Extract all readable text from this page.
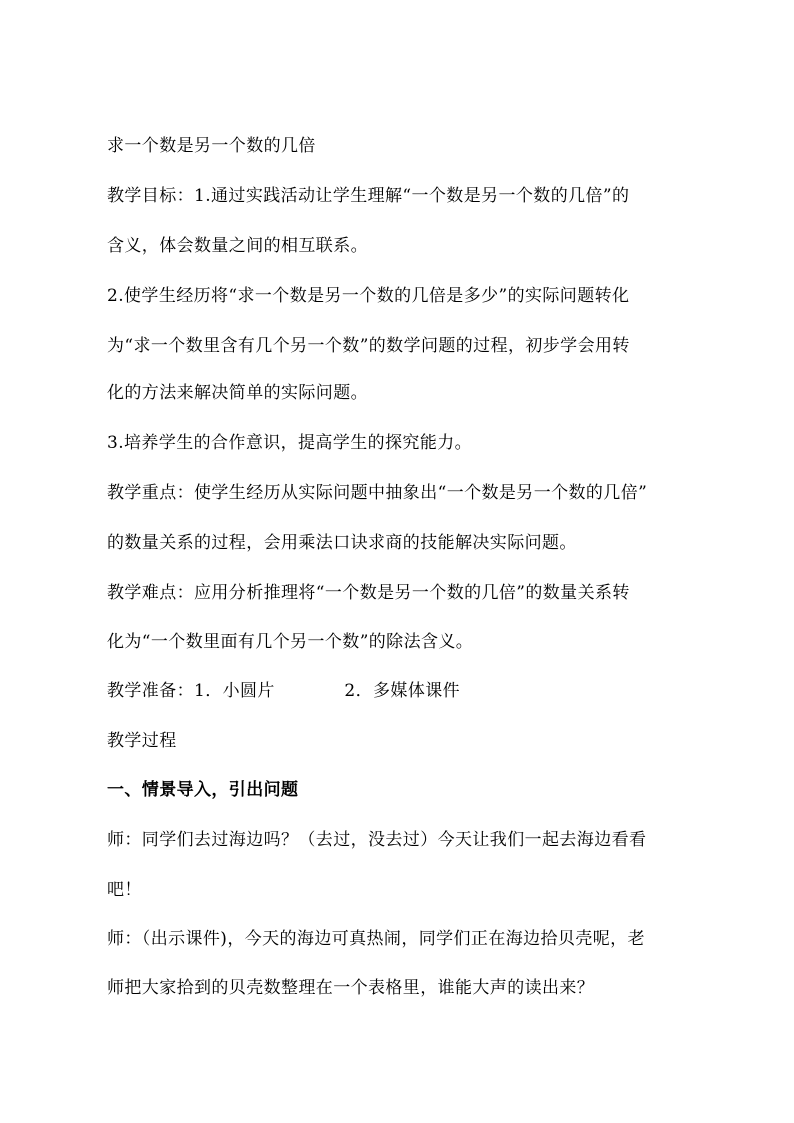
求一个数是另一个数的几倍
教学目标：1.通过实践活动让学生理解“一个数是另一个数的几倍”的
含义，体会数量之间的相互联系。
2.使学生经历将“求一个数是另一个数的几倍是多少”的实际问题转化
为“求一个数里含有几个另一个数”的数学问题的过程，初步学会用转
化的方法来解决简单的实际问题。
3.培养学生的合作意识，提高学生的探究能力。
教学重点：使学生经历从实际问题中抽象出“一个数是另一个数的几倍”
的数量关系的过程，会用乘法口诀求商的技能解决实际问题。
教学难点：应用分析推理将“一个数是另一个数的几倍”的数量关系转
化为“一个数里面有几个另一个数”的除法含义。
教学准备：1．小圆片　　　　2．多媒体课件
教学过程
一、情景导入，引出问题
师：同学们去过海边吗？（去过，没去过）今天让我们一起去海边看看
吧！
师：（出示课件)，今天的海边可真热闹，同学们正在海边拾贝壳呢，老
师把大家拾到的贝壳数整理在一个表格里，谁能大声的读出来？
